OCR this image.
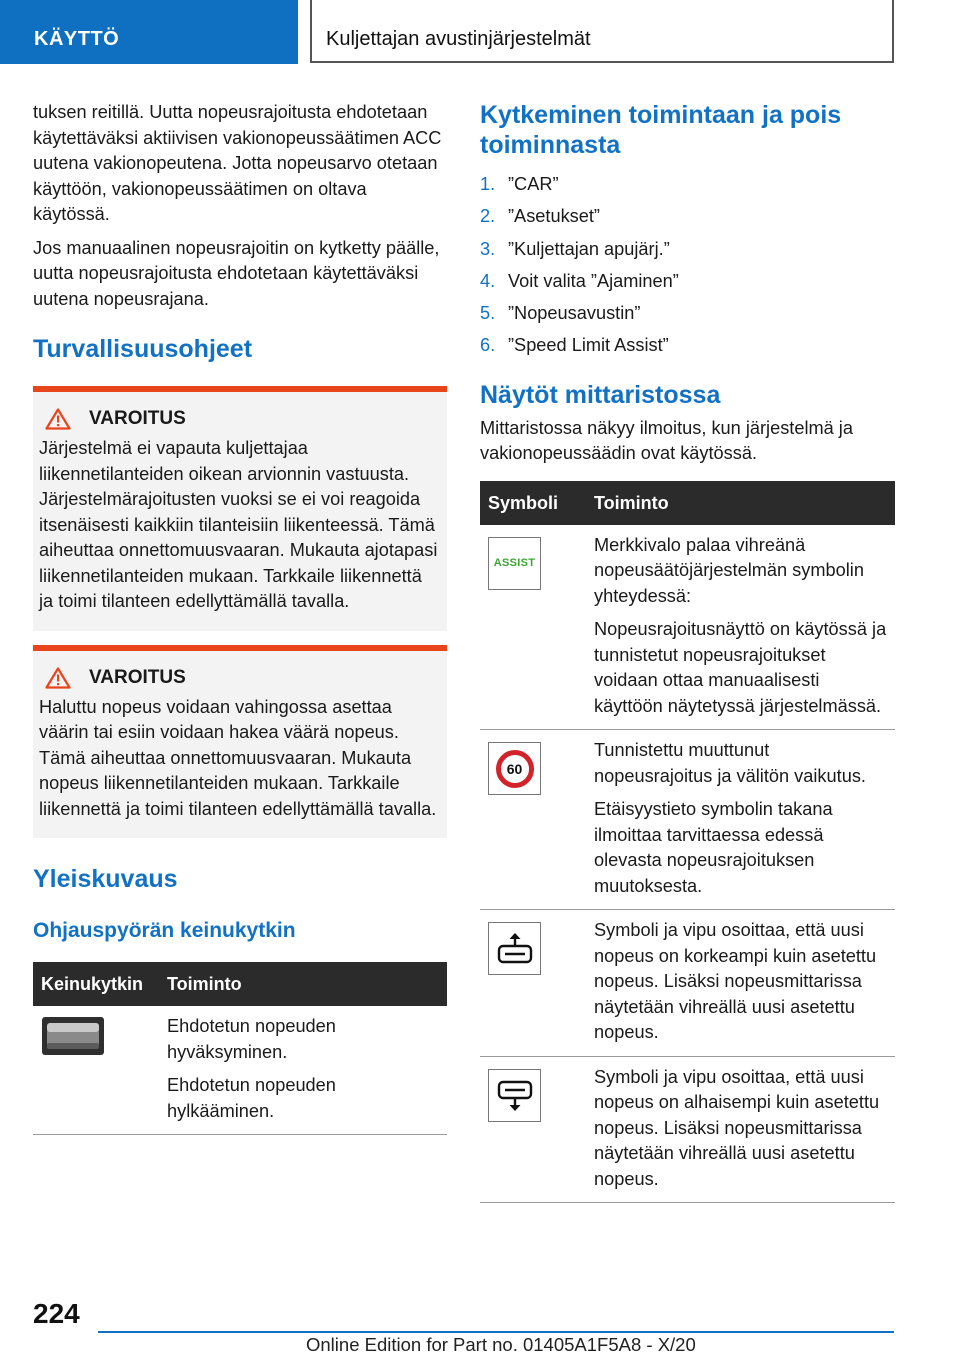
KÄYTTÖ	Kuljettajan avustinjärjestelmät

tuksen reitillä. Uutta nopeusrajoitusta ehdotetaan käytettäväksi aktiivisen vakionopeussäätimen ACC uutena vakionopeutena. Jotta nopeusarvo otetaan käyttöön, vakionopeussäätimen on oltava käytössä.

Jos manuaalinen nopeusrajoitin on kytketty päälle, uutta nopeusrajoitusta ehdotetaan käytettäväksi uutena nopeusrajana.

Turvallisuusohjeet
VAROITUS

Järjestelmä ei vapauta kuljettajaa liikennetilanteiden oikean arvionnin vastuusta. Järjestelmärajoitusten vuoksi se ei voi reagoida itsenäisesti kaikkiin tilanteisiin liikenteessä. Tämä aiheuttaa onnettomuusvaaran. Mukauta ajotapasi liikennetilanteiden mukaan. Tarkkaile liikennettä ja toimi tilanteen edellyttämällä tavalla.

VAROITUS

Haluttu nopeus voidaan vahingossa asettaa väärin tai esiin voidaan hakea väärä nopeus. Tämä aiheuttaa onnettomuusvaaran. Mukauta nopeus liikennetilanteiden mukaan. Tarkkaile liikennettä ja toimi tilanteen edellyttämällä tavalla.

Yleiskuvaus
Ohjauspyörän keinukytkin
Keinukytkin	Toiminto

Ehdotetun nopeuden hyväksyminen.

Ehdotetun nopeuden hylkääminen.

Kytkeminen toimintaan ja pois toiminnasta
1. ”CAR”
2. ”Asetukset”
3. ”Kuljettajan apujärj.”
4. Voit valita ”Ajaminen”
5. ”Nopeusavustin”
6. ”Speed Limit Assist”
Näytöt mittaristossa

Mittaristossa näkyy ilmoitus, kun järjestelmä ja vakionopeussäädin ovat käytössä.

Symboli	Toiminto

ASSIST	Merkkivalo palaa vihreänä nopeusäätöjärjestelmän symbolin yhteydessä:

Nopeusrajoitusnäyttö on käytössä ja tunnistetut nopeusrajoitukset voidaan ottaa manuaalisesti käyttöön näytetyssä järjestelmässä.

60	Tunnistettu muuttunut nopeusrajoitus ja välitön vaikutus.

Etäisyystieto symbolin takana ilmoittaa tarvittaessa edessä olevasta nopeusrajoituksen muutoksesta.

Symboli ja vipu osoittaa, että uusi nopeus on korkeampi kuin asetettu nopeus. Lisäksi nopeusmittarissa näytetään vihreällä uusi asetettu nopeus.

Symboli ja vipu osoittaa, että uusi nopeus on alhaisempi kuin asetettu nopeus. Lisäksi nopeusmittarissa näytetään vihreällä uusi asetettu nopeus.

224
Online Edition for Part no. 01405A1F5A8 - X/20
